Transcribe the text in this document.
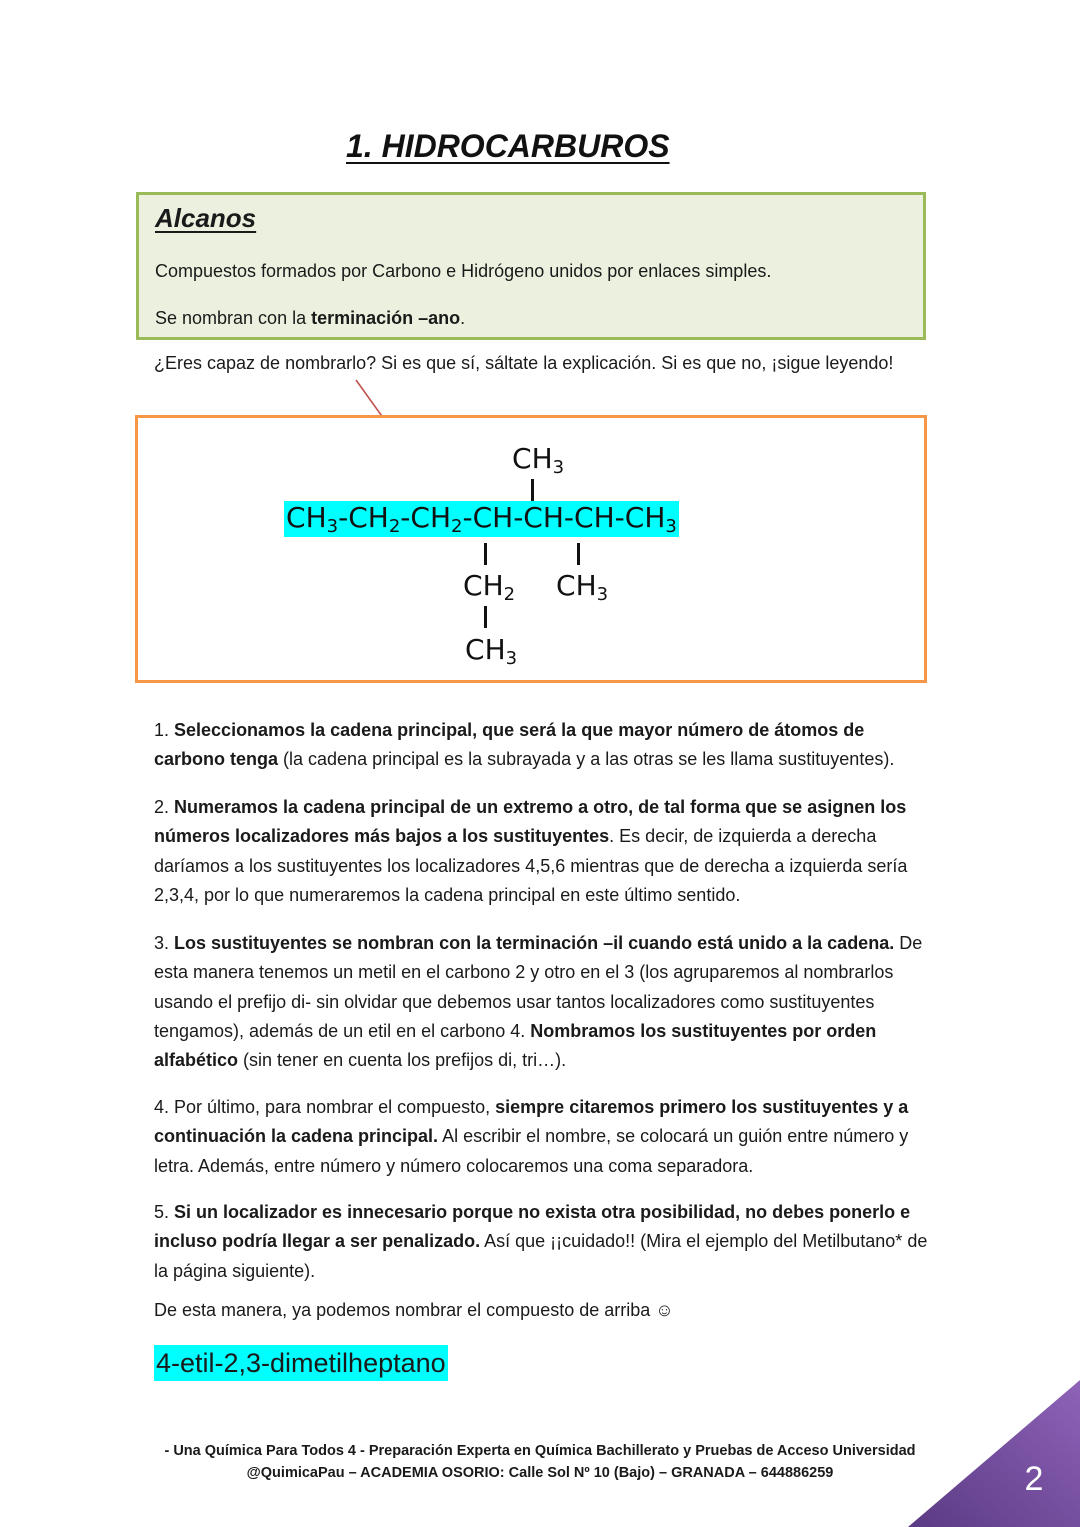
1. HIDROCARBUROS
Alcanos
Compuestos formados por Carbono e Hidrógeno unidos por enlaces simples.
Se nombran con la terminación –ano.
¿Eres capaz de nombrarlo? Si es que sí, sáltate la explicación. Si es que no, ¡sigue leyendo!
$CH_3$
$CH_3-CH_2-CH_2-CH-CH-CH-CH_3$
$CH_2$ $CH_3$
$CH_3$
1. Seleccionamos la cadena principal, que será la que mayor número de átomos de carbono tenga (la cadena principal es la subrayada y a las otras se les llama sustituyentes).
2. Numeramos la cadena principal de un extremo a otro, de tal forma que se asignen los números localizadores más bajos a los sustituyentes. Es decir, de izquierda a derecha daríamos a los sustituyentes los localizadores 4,5,6 mientras que de derecha a izquierda sería 2,3,4, por lo que numeraremos la cadena principal en este último sentido.
3. Los sustituyentes se nombran con la terminación –il cuando está unido a la cadena. De esta manera tenemos un metil en el carbono 2 y otro en el 3 (los agruparemos al nombrarlos usando el prefijo di- sin olvidar que debemos usar tantos localizadores como sustituyentes tengamos), además de un etil en el carbono 4. Nombramos los sustituyentes por orden alfabético (sin tener en cuenta los prefijos di, tri…).
4. Por último, para nombrar el compuesto, siempre citaremos primero los sustituyentes y a continuación la cadena principal. Al escribir el nombre, se colocará un guión entre número y letra. Además, entre número y número colocaremos una coma separadora.
5. Si un localizador es innecesario porque no exista otra posibilidad, no debes ponerlo e incluso podría llegar a ser penalizado. Así que ¡¡cuidado!! (Mira el ejemplo del Metilbutano* de la página siguiente).
De esta manera, ya podemos nombrar el compuesto de arriba ☺
4-etil-2,3-dimetilheptano
- Una Química Para Todos 4 - Preparación Experta en Química Bachillerato y Pruebas de Acceso Universidad
@QuimicaPau – ACADEMIA OSORIO: Calle Sol Nº 10 (Bajo) – GRANADA – 644886259	2
